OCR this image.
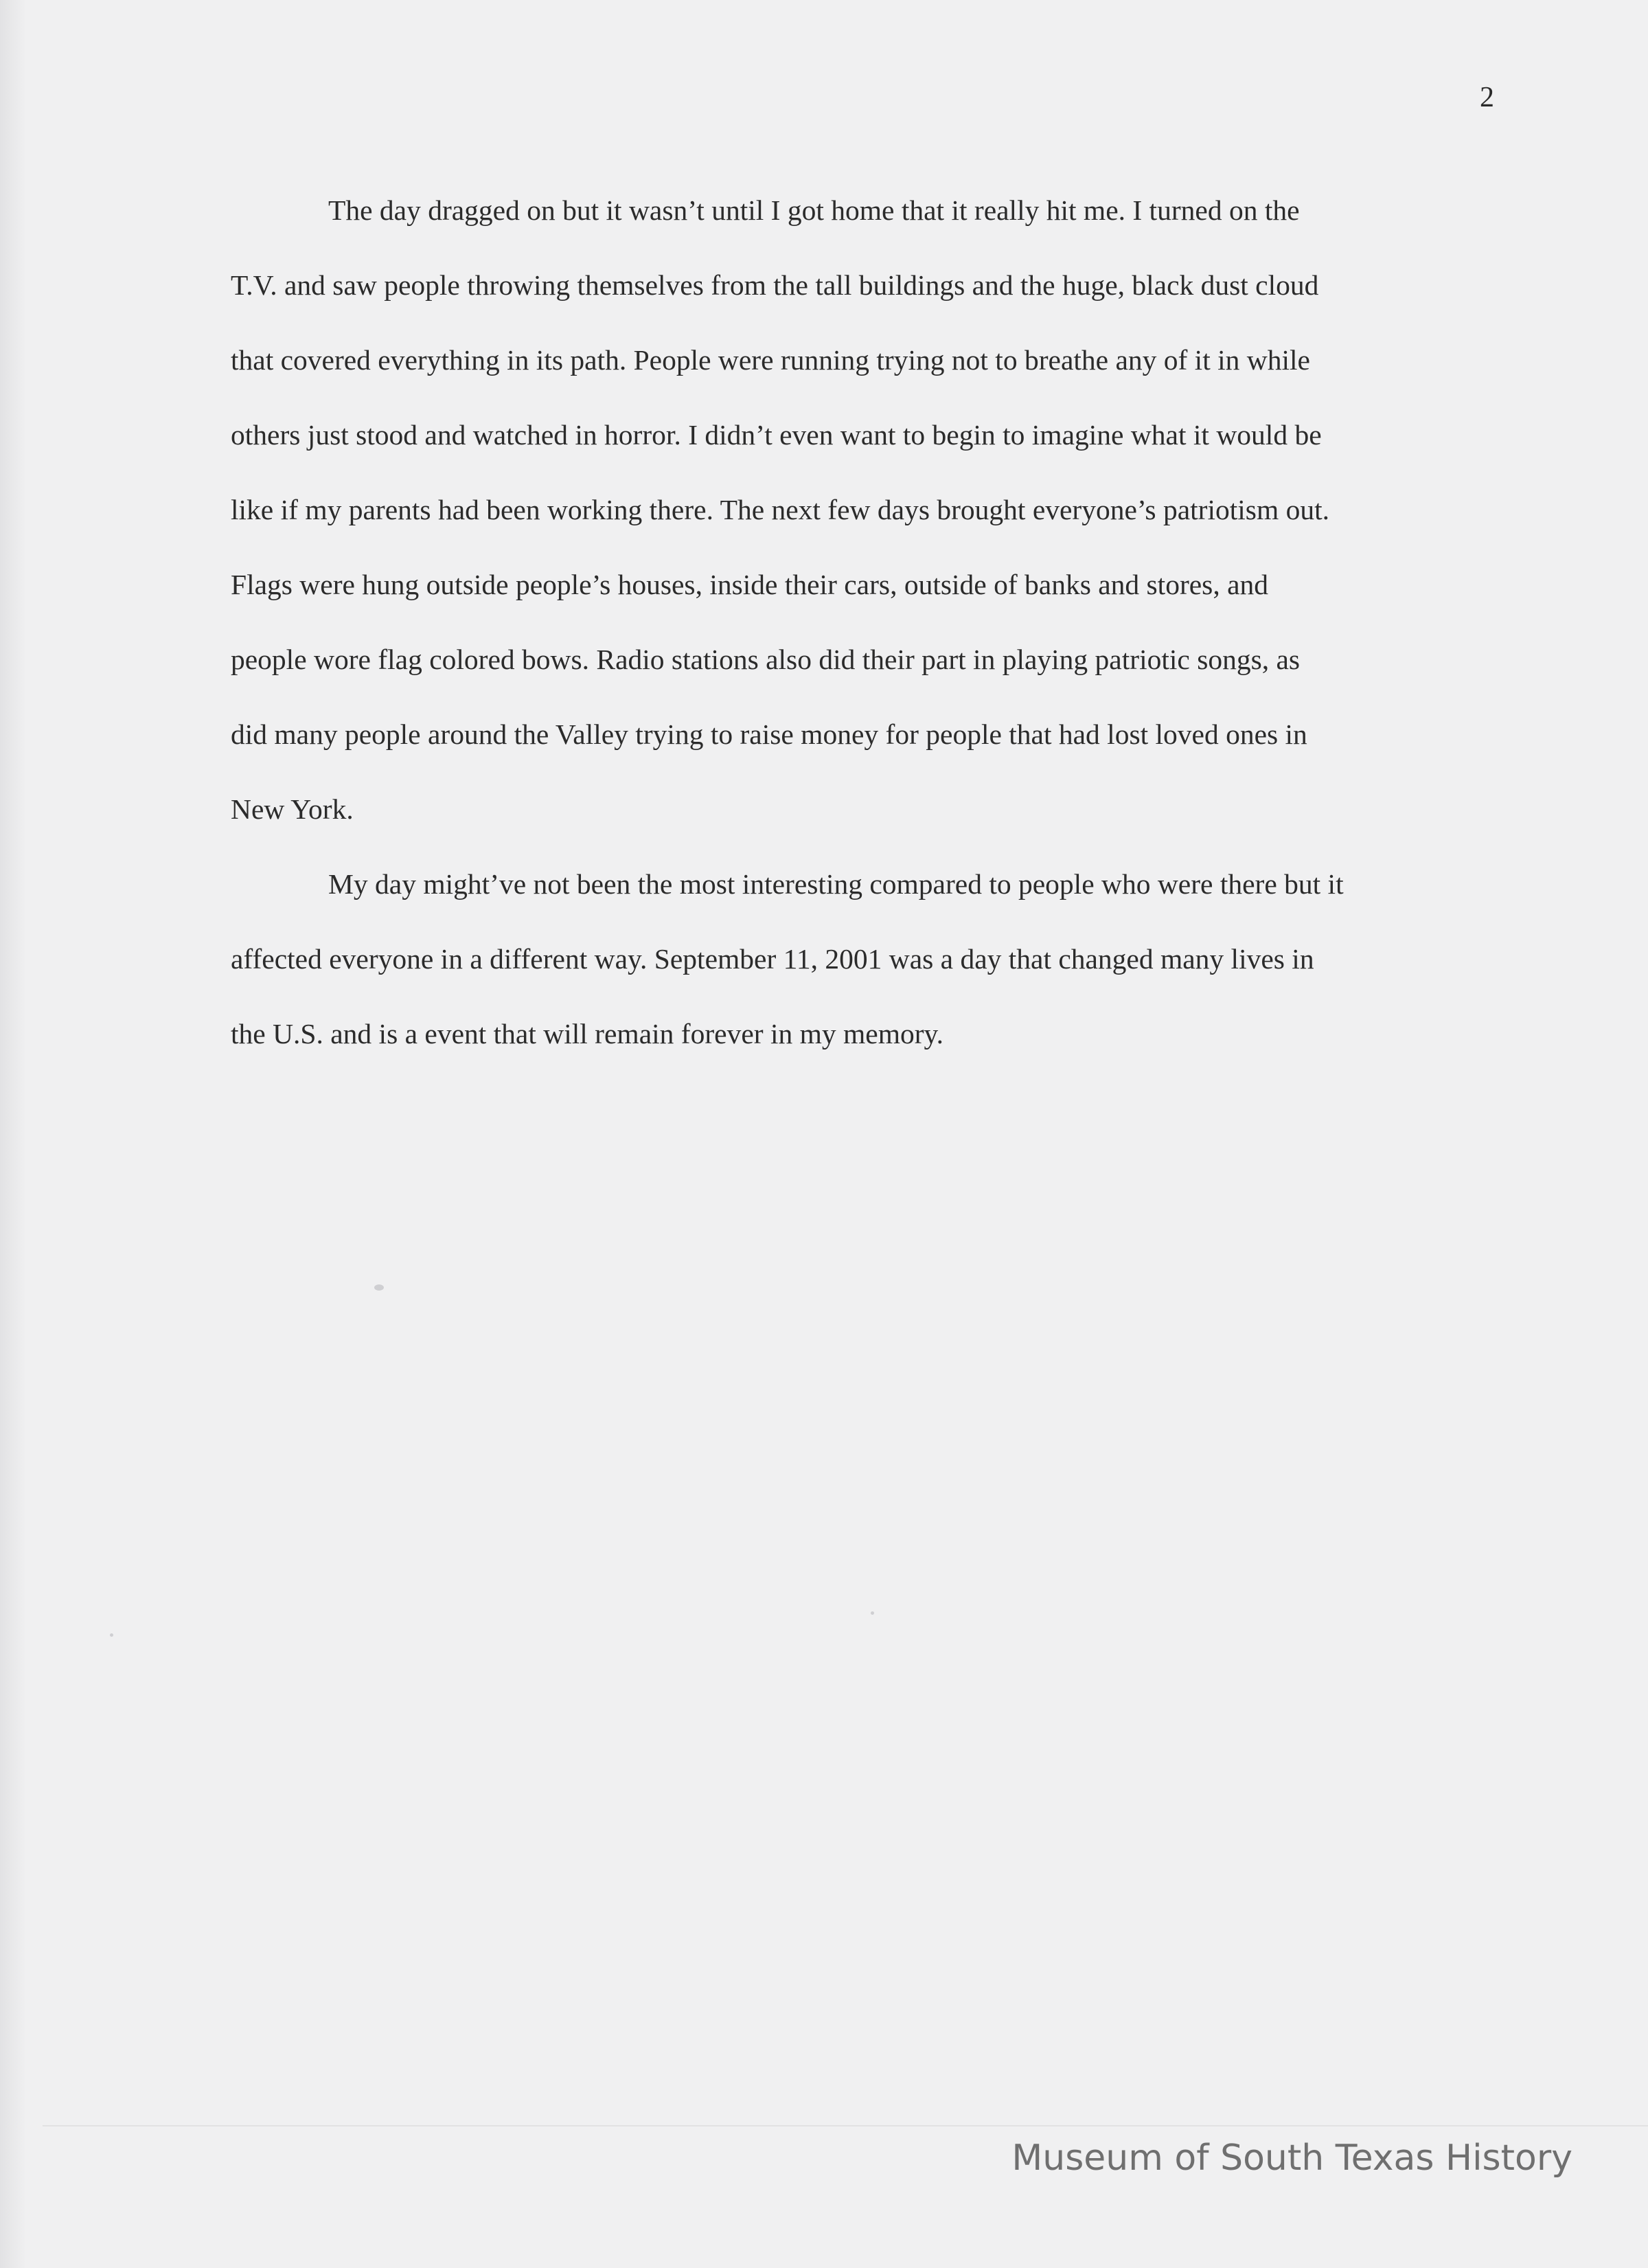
2
The day dragged on but it wasn’t until I got home that it really hit me. I turned on the
T.V. and saw people throwing themselves from the tall buildings and the huge, black dust cloud
that covered everything in its path. People were running trying not to breathe any of it in while
others just stood and watched in horror. I didn’t even want to begin to imagine what it would be
like if my parents had been working there. The next few days brought everyone’s patriotism out.
Flags were hung outside people’s houses, inside their cars, outside of banks and stores, and
people wore flag colored bows. Radio stations also did their part in playing patriotic songs, as
did many people around the Valley trying to raise money for people that had lost loved ones in
New York.
My day might’ve not been the most interesting compared to people who were there but it
affected everyone in a different way. September 11, 2001 was a day that changed many lives in
the U.S. and is a event that will remain forever in my memory.
Museum of South Texas History
